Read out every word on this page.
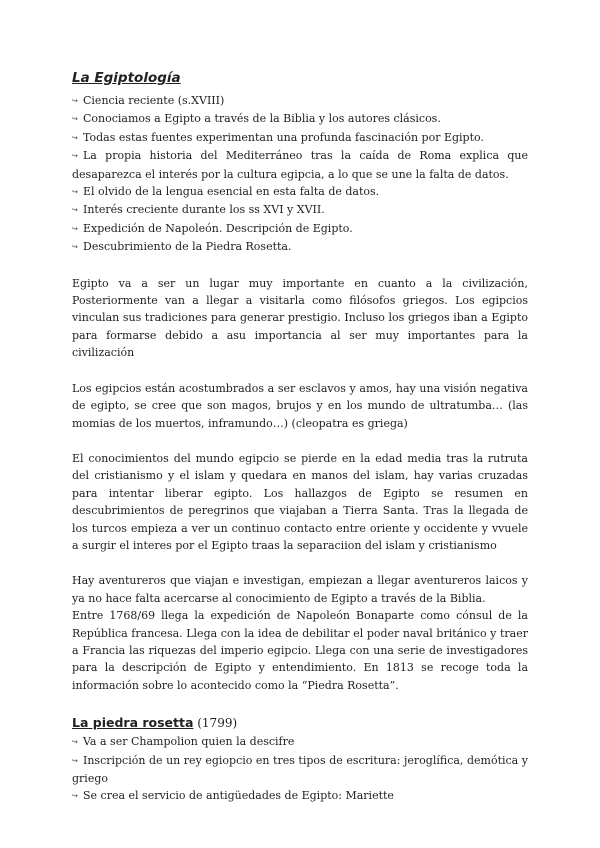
La Egiptología
↪ Ciencia reciente (s.XVIII)
↪ Conociamos a Egipto a través de la Biblia y los autores clásicos.
↪ Todas estas fuentes experimentan una profunda fascinación por Egipto.
↪ La propia historia del Mediterráneo tras la caída de Roma explica que desaparezca el interés por la cultura egipcia, a lo que se une la falta de datos.
↪ El olvido de la lengua esencial en esta falta de datos.
↪ Interés creciente durante los ss XVI y XVII.
↪ Expedición de Napoleón. Descripción de Egipto.
↪ Descubrimiento de la Piedra Rosetta.

Egipto va a ser un lugar muy importante en cuanto a la civilización, Posteriormente van a llegar a visitarla como filósofos griegos. Los egipcios vinculan sus tradiciones para generar prestigio. Incluso los griegos iban a Egipto para formarse debido a asu importancia al ser muy importantes para la civilización

Los egipcios están acostumbrados a ser esclavos y amos, hay una visión negativa de egipto, se cree que son magos, brujos y en los mundo de ultratumba… (las momias de los muertos, inframundo…) (cleopatra es griega)

El conocimientos del mundo egipcio se pierde en la edad media tras la rutruta del cristianismo y el islam y quedara en manos del islam, hay varias cruzadas para intentar liberar egipto. Los hallazgos de Egipto se resumen en descubrimientos de peregrinos que viajaban a Tierra Santa. Tras la llegada de los turcos empieza a ver un continuo contacto entre oriente y occidente y vvuele a surgir el interes por el Egipto traas la separaciion del islam y cristianismo

Hay aventureros que viajan e investigan, empiezan a llegar aventureros laicos y ya no hace falta acercarse al conocimiento de Egipto a través de la Biblia.

Entre 1768/69 llega la expedición de Napoleón Bonaparte como cónsul de la República francesa. Llega con la idea de debilitar el poder naval británico y traer a Francia las riquezas del imperio egipcio. Llega con una serie de investigadores para la descripción de Egipto y entendimiento. En 1813 se recoge toda la información sobre lo acontecido como la “Piedra Rosetta”.

La piedra rosetta (1799)
↪ Va a ser Champolion quien la descifre
↪ Inscripción de un rey egiopcio en tres tipos de escritura: jeroglífica, demótica y griego
↪ Se crea el servicio de antigüedades de Egipto: Mariette
